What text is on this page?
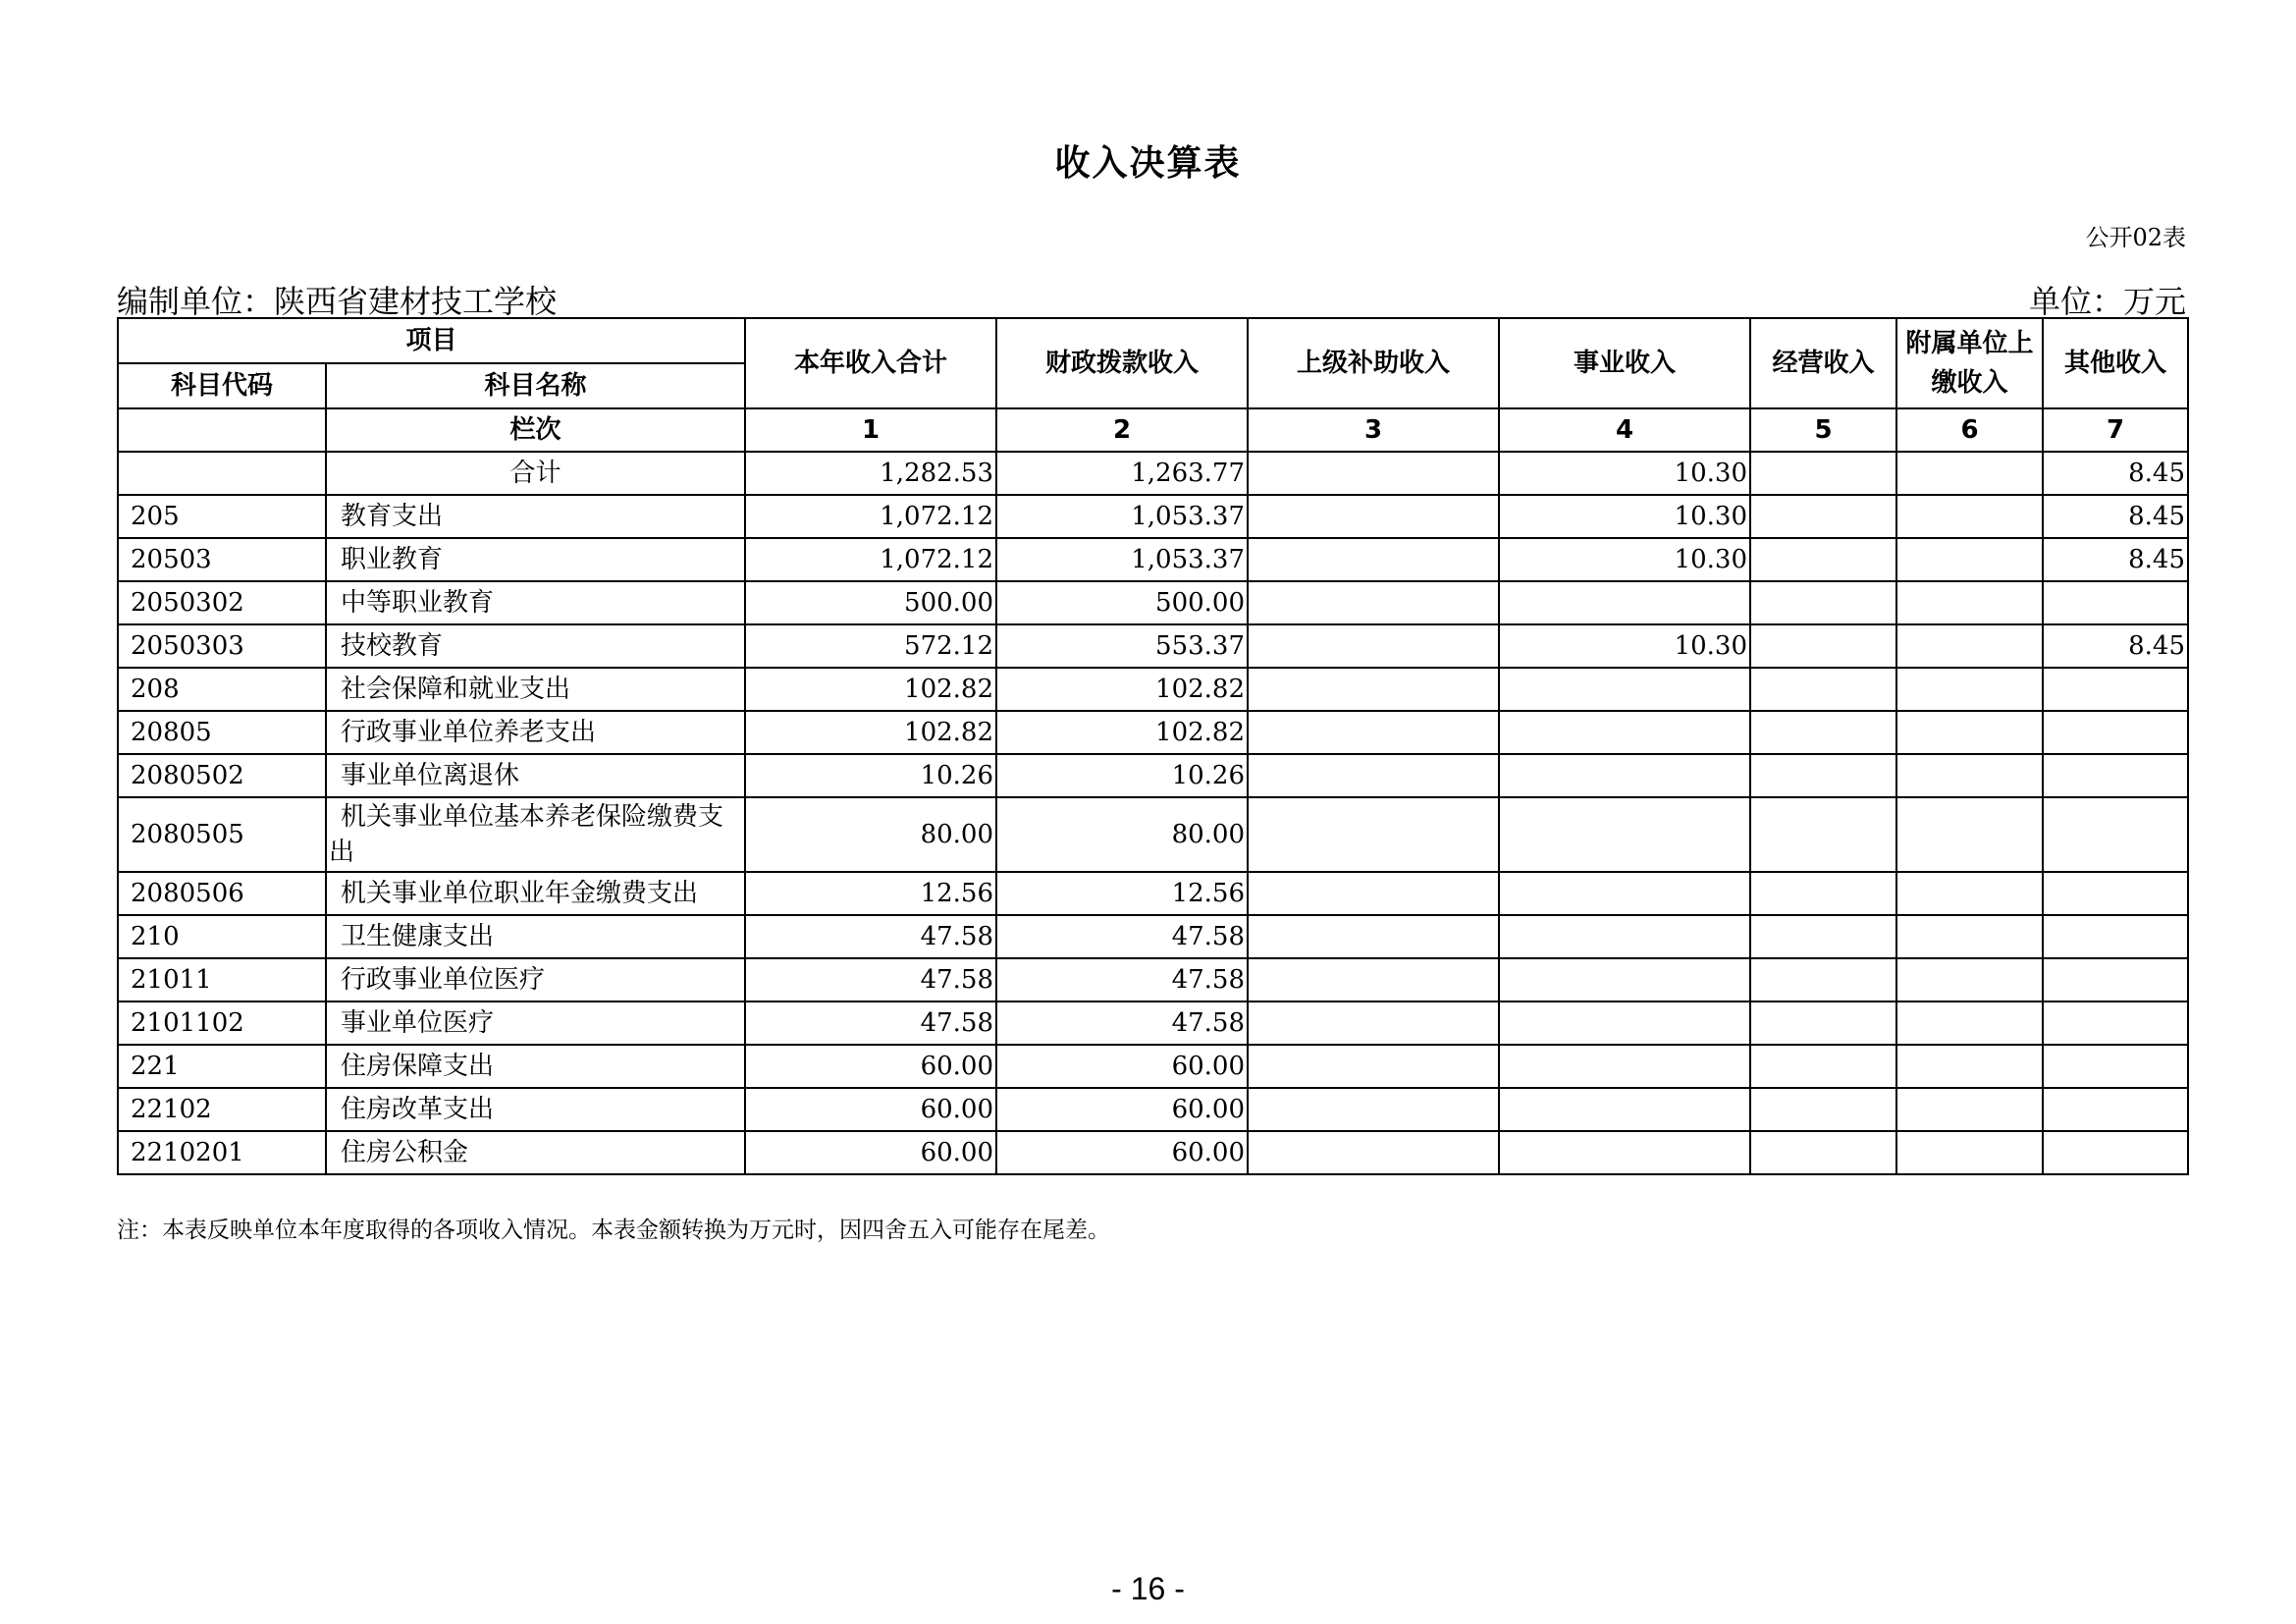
收入决算表
公开02表
编制单位：陕西省建材技工学校	单位：万元
项目		本年收入合计	财政拨款收入	上级补助收入	事业收入	经营收入	附属单位上缴收入	其他收入
科目代码	科目名称							
	栏次	1	2	3	4	5	6	7
	合计	1,282.53	1,263.77		10.30			8.45
205	教育支出	1,072.12	1,053.37		10.30			8.45
20503	职业教育	1,072.12	1,053.37		10.30			8.45
2050302	中等职业教育	500.00	500.00					
2050303	技校教育	572.12	553.37		10.30			8.45
208	社会保障和就业支出	102.82	102.82					
20805	行政事业单位养老支出	102.82	102.82					
2080502	事业单位离退休	10.26	10.26					
2080505	机关事业单位基本养老保险缴费支出	80.00	80.00					
2080506	机关事业单位职业年金缴费支出	12.56	12.56					
210	卫生健康支出	47.58	47.58					
21011	行政事业单位医疗	47.58	47.58					
2101102	事业单位医疗	47.58	47.58					
221	住房保障支出	60.00	60.00					
22102	住房改革支出	60.00	60.00					
2210201	住房公积金	60.00	60.00					
注：本表反映单位本年度取得的各项收入情况。本表金额转换为万元时，因四舍五入可能存在尾差。
- 16 -
